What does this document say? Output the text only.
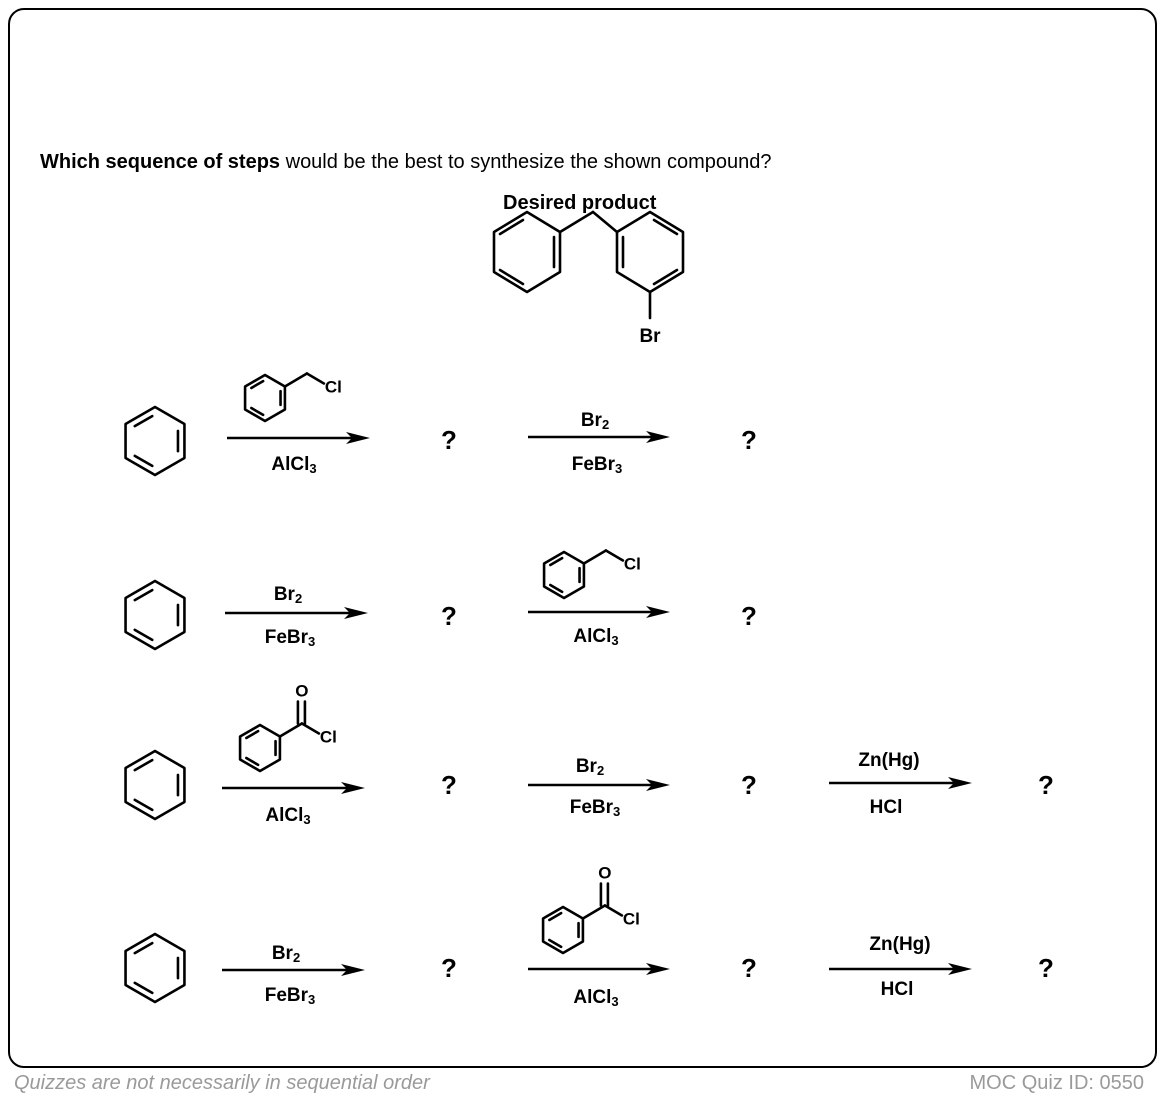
Which sequence of steps would be the best to synthesize the shown compound?
Desired product
Br
Cl
Cl
O
Cl
O
Cl
AlCl$_3$
?
$Br_2$
FeBr$_3$
?
$Br_2$
FeBr$_3$
?
AlCl$_3$
?
AlCl$_3$
?
$Br_2$
FeBr$_3$
?
Zn(Hg)
HCl
?
$Br_2$
FeBr$_3$
?
AlCl$_3$
?
Zn(Hg)
HCl
?
Quizzes are not necessarily in sequential order	MOC Quiz ID: 0550
